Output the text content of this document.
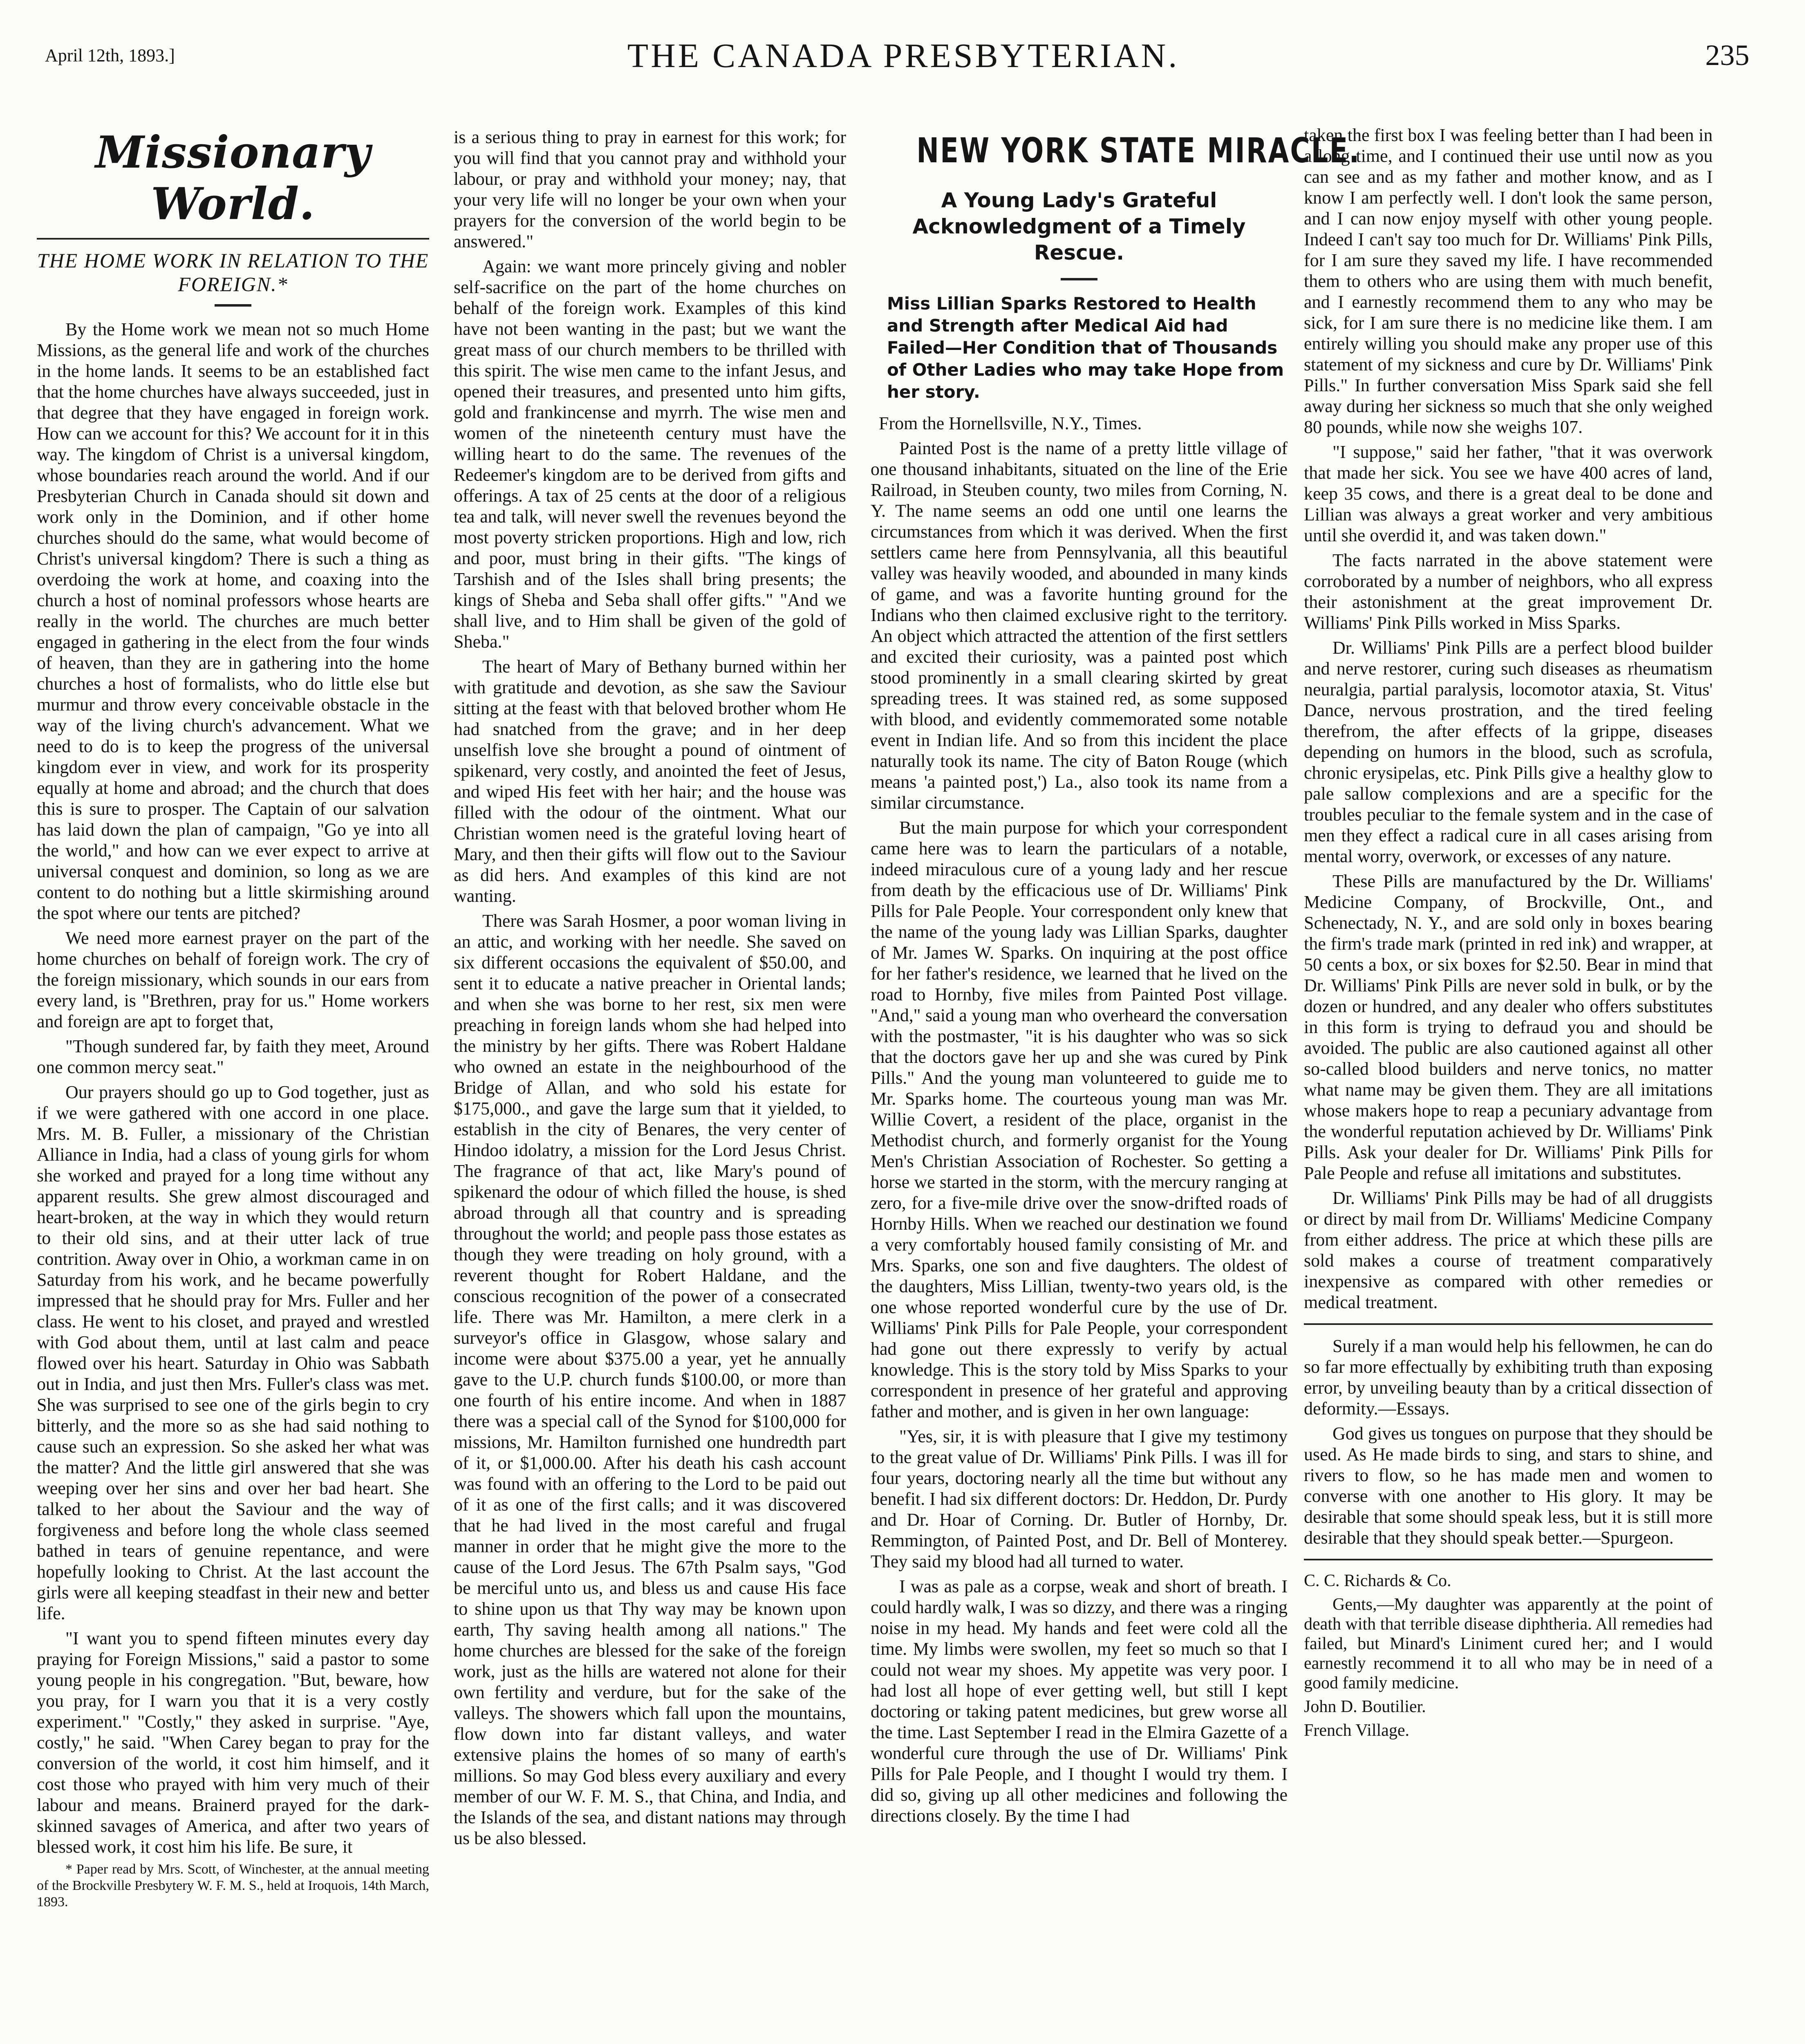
April 12th, 1893.]	THE CANADA PRESBYTERIAN.	235
Missionary World.
THE HOME WORK IN RELATION TO THE FOREIGN.*

By the Home work we mean not so much Home Missions, as the general life and work of the churches in the home lands. It seems to be an established fact that the home churches have always succeeded, just in that degree that they have engaged in foreign work. How can we account for this? We account for it in this way. The kingdom of Christ is a universal kingdom, whose boundaries reach around the world. And if our Presbyterian Church in Canada should sit down and work only in the Dominion, and if other home churches should do the same, what would become of Christ's universal kingdom? There is such a thing as overdoing the work at home, and coaxing into the church a host of nominal professors whose hearts are really in the world. The churches are much better engaged in gathering in the elect from the four winds of heaven, than they are in gathering into the home churches a host of formalists, who do little else but murmur and throw every conceivable obstacle in the way of the living church's advancement. What we need to do is to keep the progress of the universal kingdom ever in view, and work for its prosperity equally at home and abroad; and the church that does this is sure to prosper. The Captain of our salvation has laid down the plan of campaign, "Go ye into all the world," and how can we ever expect to arrive at universal conquest and dominion, so long as we are content to do nothing but a little skirmishing around the spot where our tents are pitched?

We need more earnest prayer on the part of the home churches on behalf of foreign work. The cry of the foreign missionary, which sounds in our ears from every land, is "Brethren, pray for us." Home workers and foreign are apt to forget that,

"Though sundered far, by faith they meet, Around one common mercy seat."

Our prayers should go up to God together, just as if we were gathered with one accord in one place. Mrs. M. B. Fuller, a missionary of the Christian Alliance in India, had a class of young girls for whom she worked and prayed for a long time without any apparent results. She grew almost discouraged and heart-broken, at the way in which they would return to their old sins, and at their utter lack of true contrition. Away over in Ohio, a workman came in on Saturday from his work, and he became powerfully impressed that he should pray for Mrs. Fuller and her class. He went to his closet, and prayed and wrestled with God about them, until at last calm and peace flowed over his heart. Saturday in Ohio was Sabbath out in India, and just then Mrs. Fuller's class was met. She was surprised to see one of the girls begin to cry bitterly, and the more so as she had said nothing to cause such an expression. So she asked her what was the matter? And the little girl answered that she was weeping over her sins and over her bad heart. She talked to her about the Saviour and the way of forgiveness and before long the whole class seemed bathed in tears of genuine repentance, and were hopefully looking to Christ. At the last account the girls were all keeping steadfast in their new and better life.

"I want you to spend fifteen minutes every day praying for Foreign Missions," said a pastor to some young people in his congregation. "But, beware, how you pray, for I warn you that it is a very costly experiment." "Costly," they asked in surprise. "Aye, costly," he said. "When Carey began to pray for the conversion of the world, it cost him himself, and it cost those who prayed with him very much of their labour and means. Brainerd prayed for the dark-skinned savages of America, and after two years of blessed work, it cost him his life. Be sure, it

* Paper read by Mrs. Scott, of Winchester, at the annual meeting of the Brockville Presbytery W. F. M. S., held at Iroquois, 14th March, 1893.

is a serious thing to pray in earnest for this work; for you will find that you cannot pray and withhold your labour, or pray and withhold your money; nay, that your very life will no longer be your own when your prayers for the conversion of the world begin to be answered."

Again: we want more princely giving and nobler self-sacrifice on the part of the home churches on behalf of the foreign work. Examples of this kind have not been wanting in the past; but we want the great mass of our church members to be thrilled with this spirit. The wise men came to the infant Jesus, and opened their treasures, and presented unto him gifts, gold and frankincense and myrrh. The wise men and women of the nineteenth century must have the willing heart to do the same. The revenues of the Redeemer's kingdom are to be derived from gifts and offerings. A tax of 25 cents at the door of a religious tea and talk, will never swell the revenues beyond the most poverty stricken proportions. High and low, rich and poor, must bring in their gifts. "The kings of Tarshish and of the Isles shall bring presents; the kings of Sheba and Seba shall offer gifts." "And we shall live, and to Him shall be given of the gold of Sheba."

The heart of Mary of Bethany burned within her with gratitude and devotion, as she saw the Saviour sitting at the feast with that beloved brother whom He had snatched from the grave; and in her deep unselfish love she brought a pound of ointment of spikenard, very costly, and anointed the feet of Jesus, and wiped His feet with her hair; and the house was filled with the odour of the ointment. What our Christian women need is the grateful loving heart of Mary, and then their gifts will flow out to the Saviour as did hers. And examples of this kind are not wanting.

There was Sarah Hosmer, a poor woman living in an attic, and working with her needle. She saved on six different occasions the equivalent of $50.00, and sent it to educate a native preacher in Oriental lands; and when she was borne to her rest, six men were preaching in foreign lands whom she had helped into the ministry by her gifts. There was Robert Haldane who owned an estate in the neighbourhood of the Bridge of Allan, and who sold his estate for $175,000., and gave the large sum that it yielded, to establish in the city of Benares, the very center of Hindoo idolatry, a mission for the Lord Jesus Christ. The fragrance of that act, like Mary's pound of spikenard the odour of which filled the house, is shed abroad through all that country and is spreading throughout the world; and people pass those estates as though they were treading on holy ground, with a reverent thought for Robert Haldane, and the conscious recognition of the power of a consecrated life. There was Mr. Hamilton, a mere clerk in a surveyor's office in Glasgow, whose salary and income were about $375.00 a year, yet he annually gave to the U.P. church funds $100.00, or more than one fourth of his entire income. And when in 1887 there was a special call of the Synod for $100,000 for missions, Mr. Hamilton furnished one hundredth part of it, or $1,000.00. After his death his cash account was found with an offering to the Lord to be paid out of it as one of the first calls; and it was discovered that he had lived in the most careful and frugal manner in order that he might give the more to the cause of the Lord Jesus. The 67th Psalm says, "God be merciful unto us, and bless us and cause His face to shine upon us that Thy way may be known upon earth, Thy saving health among all nations." The home churches are blessed for the sake of the foreign work, just as the hills are watered not alone for their own fertility and verdure, but for the sake of the valleys. The showers which fall upon the mountains, flow down into far distant valleys, and water extensive plains the homes of so many of earth's millions. So may God bless every auxiliary and every member of our W. F. M. S., that China, and India, and the Islands of the sea, and distant nations may through us be also blessed.

NEW YORK STATE MIRACLE.
A Young Lady's Grateful Acknowledgment of a Timely Rescue.
Miss Lillian Sparks Restored to Health and Strength after Medical Aid had Failed—Her Condition that of Thousands of Other Ladies who may take Hope from her story.

From the Hornellsville, N.Y., Times.

Painted Post is the name of a pretty little village of one thousand inhabitants, situated on the line of the Erie Railroad, in Steuben county, two miles from Corning, N. Y. The name seems an odd one until one learns the circumstances from which it was derived. When the first settlers came here from Pennsylvania, all this beautiful valley was heavily wooded, and abounded in many kinds of game, and was a favorite hunting ground for the Indians who then claimed exclusive right to the territory. An object which attracted the attention of the first settlers and excited their curiosity, was a painted post which stood prominently in a small clearing skirted by great spreading trees. It was stained red, as some supposed with blood, and evidently commemorated some notable event in Indian life. And so from this incident the place naturally took its name. The city of Baton Rouge (which means 'a painted post,') La., also took its name from a similar circumstance.

But the main purpose for which your correspondent came here was to learn the particulars of a notable, indeed miraculous cure of a young lady and her rescue from death by the efficacious use of Dr. Williams' Pink Pills for Pale People. Your correspondent only knew that the name of the young lady was Lillian Sparks, daughter of Mr. James W. Sparks. On inquiring at the post office for her father's residence, we learned that he lived on the road to Hornby, five miles from Painted Post village. "And," said a young man who overheard the conversation with the postmaster, "it is his daughter who was so sick that the doctors gave her up and she was cured by Pink Pills." And the young man volunteered to guide me to Mr. Sparks home. The courteous young man was Mr. Willie Covert, a resident of the place, organist in the Methodist church, and formerly organist for the Young Men's Christian Association of Rochester. So getting a horse we started in the storm, with the mercury ranging at zero, for a five-mile drive over the snow-drifted roads of Hornby Hills. When we reached our destination we found a very comfortably housed family consisting of Mr. and Mrs. Sparks, one son and five daughters. The oldest of the daughters, Miss Lillian, twenty-two years old, is the one whose reported wonderful cure by the use of Dr. Williams' Pink Pills for Pale People, your correspondent had gone out there expressly to verify by actual knowledge. This is the story told by Miss Sparks to your correspondent in presence of her grateful and approving father and mother, and is given in her own language:

"Yes, sir, it is with pleasure that I give my testimony to the great value of Dr. Williams' Pink Pills. I was ill for four years, doctoring nearly all the time but without any benefit. I had six different doctors: Dr. Heddon, Dr. Purdy and Dr. Hoar of Corning. Dr. Butler of Hornby, Dr. Remmington, of Painted Post, and Dr. Bell of Monterey. They said my blood had all turned to water.

I was as pale as a corpse, weak and short of breath. I could hardly walk, I was so dizzy, and there was a ringing noise in my head. My hands and feet were cold all the time. My limbs were swollen, my feet so much so that I could not wear my shoes. My appetite was very poor. I had lost all hope of ever getting well, but still I kept doctoring or taking patent medicines, but grew worse all the time. Last September I read in the Elmira Gazette of a wonderful cure through the use of Dr. Williams' Pink Pills for Pale People, and I thought I would try them. I did so, giving up all other medicines and following the directions closely. By the time I had

taken the first box I was feeling better than I had been in a long time, and I continued their use until now as you can see and as my father and mother know, and as I know I am perfectly well. I don't look the same person, and I can now enjoy myself with other young people. Indeed I can't say too much for Dr. Williams' Pink Pills, for I am sure they saved my life. I have recommended them to others who are using them with much benefit, and I earnestly recommend them to any who may be sick, for I am sure there is no medicine like them. I am entirely willing you should make any proper use of this statement of my sickness and cure by Dr. Williams' Pink Pills." In further conversation Miss Spark said she fell away during her sickness so much that she only weighed 80 pounds, while now she weighs 107.

"I suppose," said her father, "that it was overwork that made her sick. You see we have 400 acres of land, keep 35 cows, and there is a great deal to be done and Lillian was always a great worker and very ambitious until she overdid it, and was taken down."

The facts narrated in the above statement were corroborated by a number of neighbors, who all express their astonishment at the great improvement Dr. Williams' Pink Pills worked in Miss Sparks.

Dr. Williams' Pink Pills are a perfect blood builder and nerve restorer, curing such diseases as rheumatism neuralgia, partial paralysis, locomotor ataxia, St. Vitus' Dance, nervous prostration, and the tired feeling therefrom, the after effects of la grippe, diseases depending on humors in the blood, such as scrofula, chronic erysipelas, etc. Pink Pills give a healthy glow to pale sallow complexions and are a specific for the troubles peculiar to the female system and in the case of men they effect a radical cure in all cases arising from mental worry, overwork, or excesses of any nature.

These Pills are manufactured by the Dr. Williams' Medicine Company, of Brockville, Ont., and Schenectady, N. Y., and are sold only in boxes bearing the firm's trade mark (printed in red ink) and wrapper, at 50 cents a box, or six boxes for $2.50. Bear in mind that Dr. Williams' Pink Pills are never sold in bulk, or by the dozen or hundred, and any dealer who offers substitutes in this form is trying to defraud you and should be avoided. The public are also cautioned against all other so-called blood builders and nerve tonics, no matter what name may be given them. They are all imitations whose makers hope to reap a pecuniary advantage from the wonderful reputation achieved by Dr. Williams' Pink Pills. Ask your dealer for Dr. Williams' Pink Pills for Pale People and refuse all imitations and substitutes.

Dr. Williams' Pink Pills may be had of all druggists or direct by mail from Dr. Williams' Medicine Company from either address. The price at which these pills are sold makes a course of treatment comparatively inexpensive as compared with other remedies or medical treatment.

Surely if a man would help his fellowmen, he can do so far more effectually by exhibiting truth than exposing error, by unveiling beauty than by a critical dissection of deformity.—Essays.

God gives us tongues on purpose that they should be used. As He made birds to sing, and stars to shine, and rivers to flow, so he has made men and women to converse with one another to His glory. It may be desirable that some should speak less, but it is still more desirable that they should speak better.—Spurgeon.

C. C. Richards & Co.

Gents,—My daughter was apparently at the point of death with that terrible disease diphtheria. All remedies had failed, but Minard's Liniment cured her; and I would earnestly recommend it to all who may be in need of a good family medicine.

John D. Boutilier.

French Village.
